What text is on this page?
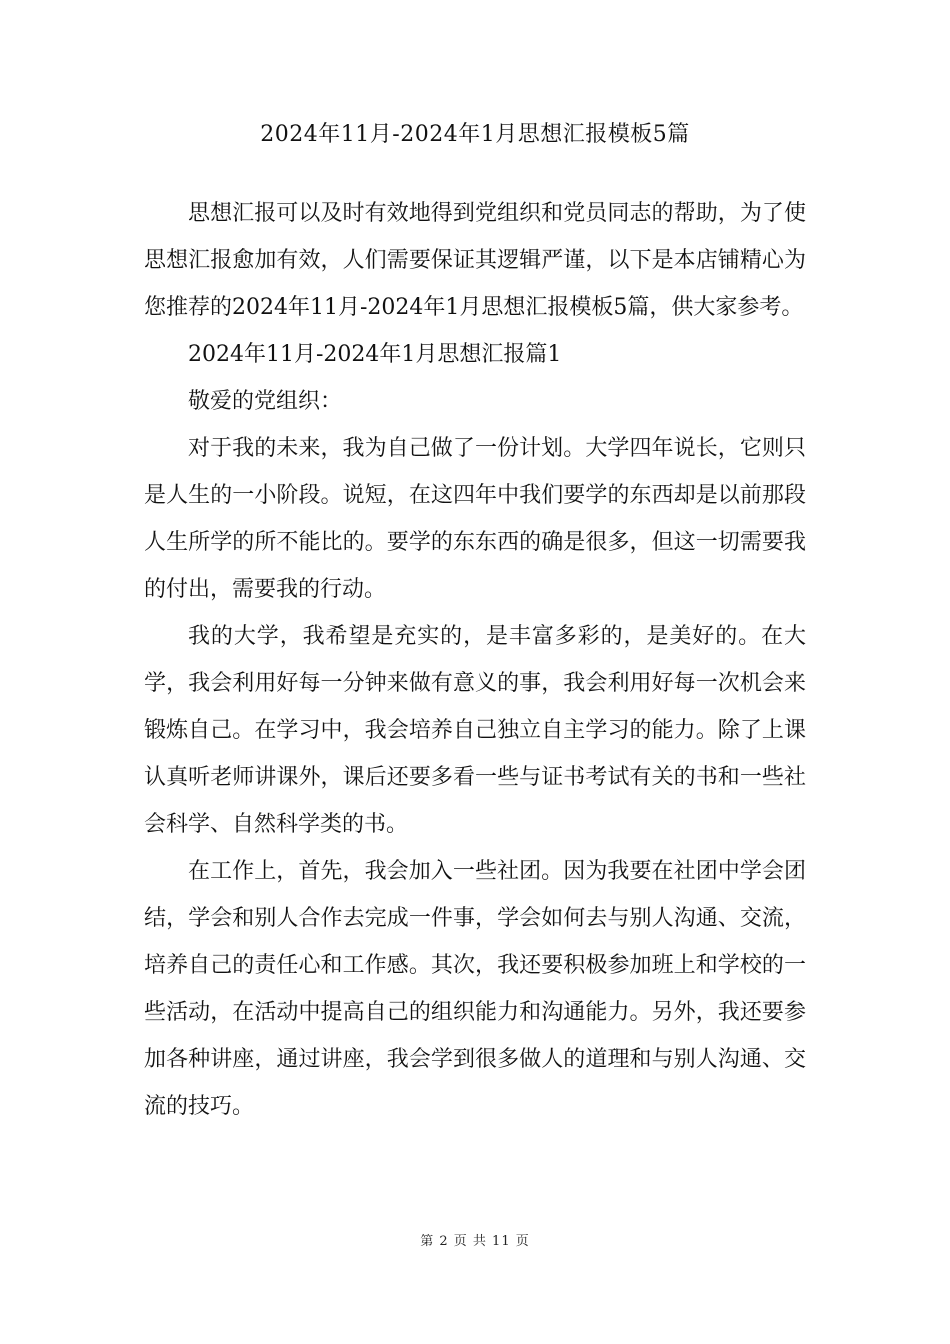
2024年11月-2024年1月思想汇报模板5篇

思想汇报可以及时有效地得到党组织和党员同志的帮助，为了使思想汇报愈加有效，人们需要保证其逻辑严谨，以下是本店铺精心为您推荐的2024年11月-2024年1月思想汇报模板5篇，供大家参考。

2024年11月-2024年1月思想汇报篇1

敬爱的党组织：

对于我的未来，我为自己做了一份计划。大学四年说长，它则只是人生的一小阶段。说短，在这四年中我们要学的东西却是以前那段人生所学的所不能比的。要学的东东西的确是很多，但这一切需要我的付出，需要我的行动。

我的大学，我希望是充实的，是丰富多彩的，是美好的。在大学，我会利用好每一分钟来做有意义的事，我会利用好每一次机会来锻炼自己。在学习中，我会培养自己独立自主学习的能力。除了上课认真听老师讲课外，课后还要多看一些与证书考试有关的书和一些社会科学、自然科学类的书。

在工作上，首先，我会加入一些社团。因为我要在社团中学会团结，学会和别人合作去完成一件事，学会如何去与别人沟通、交流，培养自己的责任心和工作感。其次，我还要积极参加班上和学校的一些活动，在活动中提高自己的组织能力和沟通能力。另外，我还要参加各种讲座，通过讲座，我会学到很多做人的道理和与别人沟通、交流的技巧。

第 2 页 共 11 页
